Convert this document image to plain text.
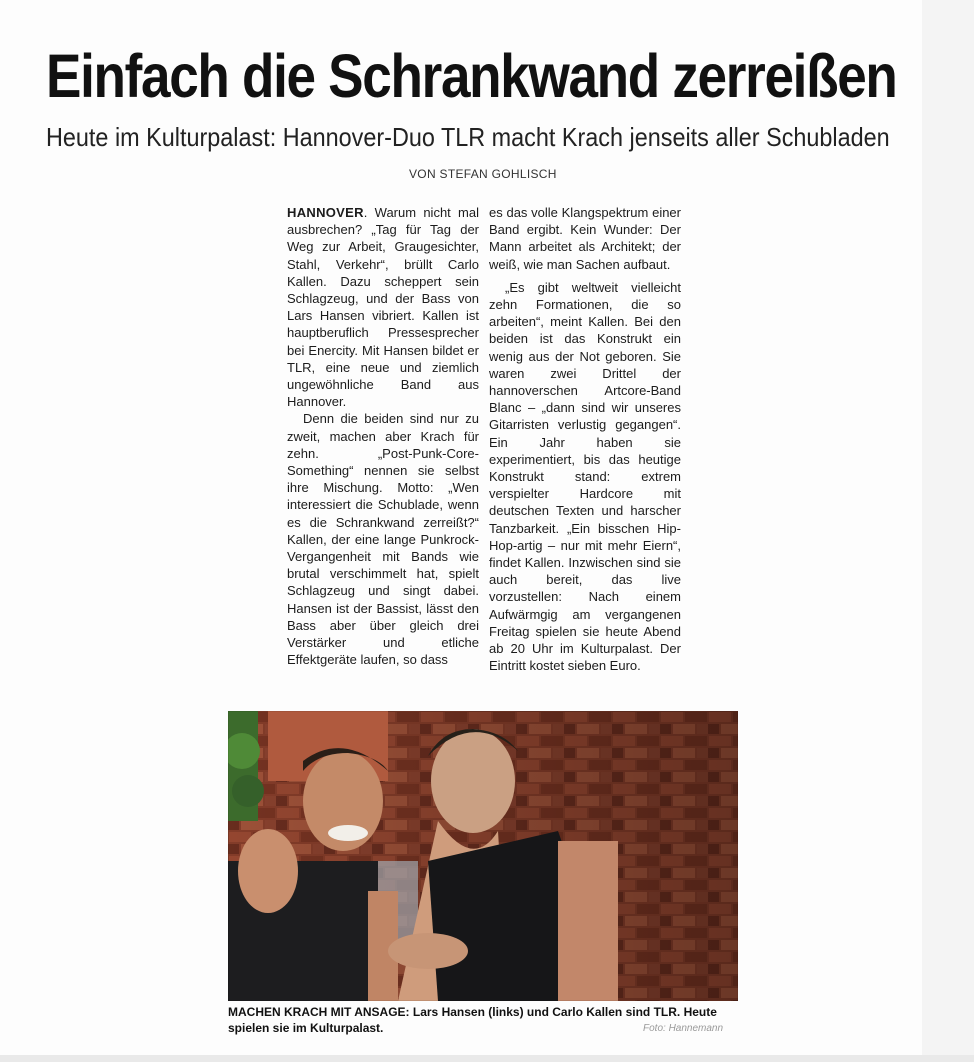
Einfach die Schrankwand zerreißen
Heute im Kulturpalast: Hannover-Duo TLR macht Krach jenseits aller Schubladen
VON STEFAN GOHLISCH

HANNOVER. Warum nicht mal ausbrechen? „Tag für Tag der Weg zur Arbeit, Graugesichter, Stahl, Verkehr“, brüllt Carlo Kallen. Dazu scheppert sein Schlagzeug, und der Bass von Lars Hansen vibriert. Kallen ist hauptberuflich Pressesprecher bei Enercity. Mit Hansen bildet er TLR, eine neue und ziemlich ungewöhnliche Band aus Hannover.

Denn die beiden sind nur zu zweit, machen aber Krach für zehn. „Post-Punk-Core-Something“ nennen sie selbst ihre Mischung. Motto: „Wen interessiert die Schublade, wenn es die Schrankwand zerreißt?“ Kallen, der eine lange Punkrock-Vergangenheit mit Bands wie brutal verschimmelt hat, spielt Schlagzeug und singt dabei. Hansen ist der Bassist, lässt den Bass aber über gleich drei Verstärker und etliche Effektgeräte laufen, so dass

es das volle Klangspektrum einer Band ergibt. Kein Wunder: Der Mann arbeitet als Architekt; der weiß, wie man Sachen aufbaut.

„Es gibt weltweit vielleicht zehn Formationen, die so arbeiten“, meint Kallen. Bei den beiden ist das Konstrukt ein wenig aus der Not geboren. Sie waren zwei Drittel der hannoverschen Artcore-Band Blanc – „dann sind wir unseres Gitarristen verlustig gegangen“. Ein Jahr haben sie experimentiert, bis das heutige Konstrukt stand: extrem verspielter Hardcore mit deutschen Texten und harscher Tanzbarkeit. „Ein bisschen Hip-Hop-artig – nur mit mehr Eiern“, findet Kallen. Inzwischen sind sie auch bereit, das live vorzustellen: Nach einem Aufwärmgig am vergangenen Freitag spielen sie heute Abend ab 20 Uhr im Kulturpalast. Der Eintritt kostet sieben Euro.

MACHEN KRACH MIT ANSAGE: Lars Hansen (links) und Carlo Kallen sind TLR. Heute spielen sie im Kulturpalast.	Foto: Hannemann
